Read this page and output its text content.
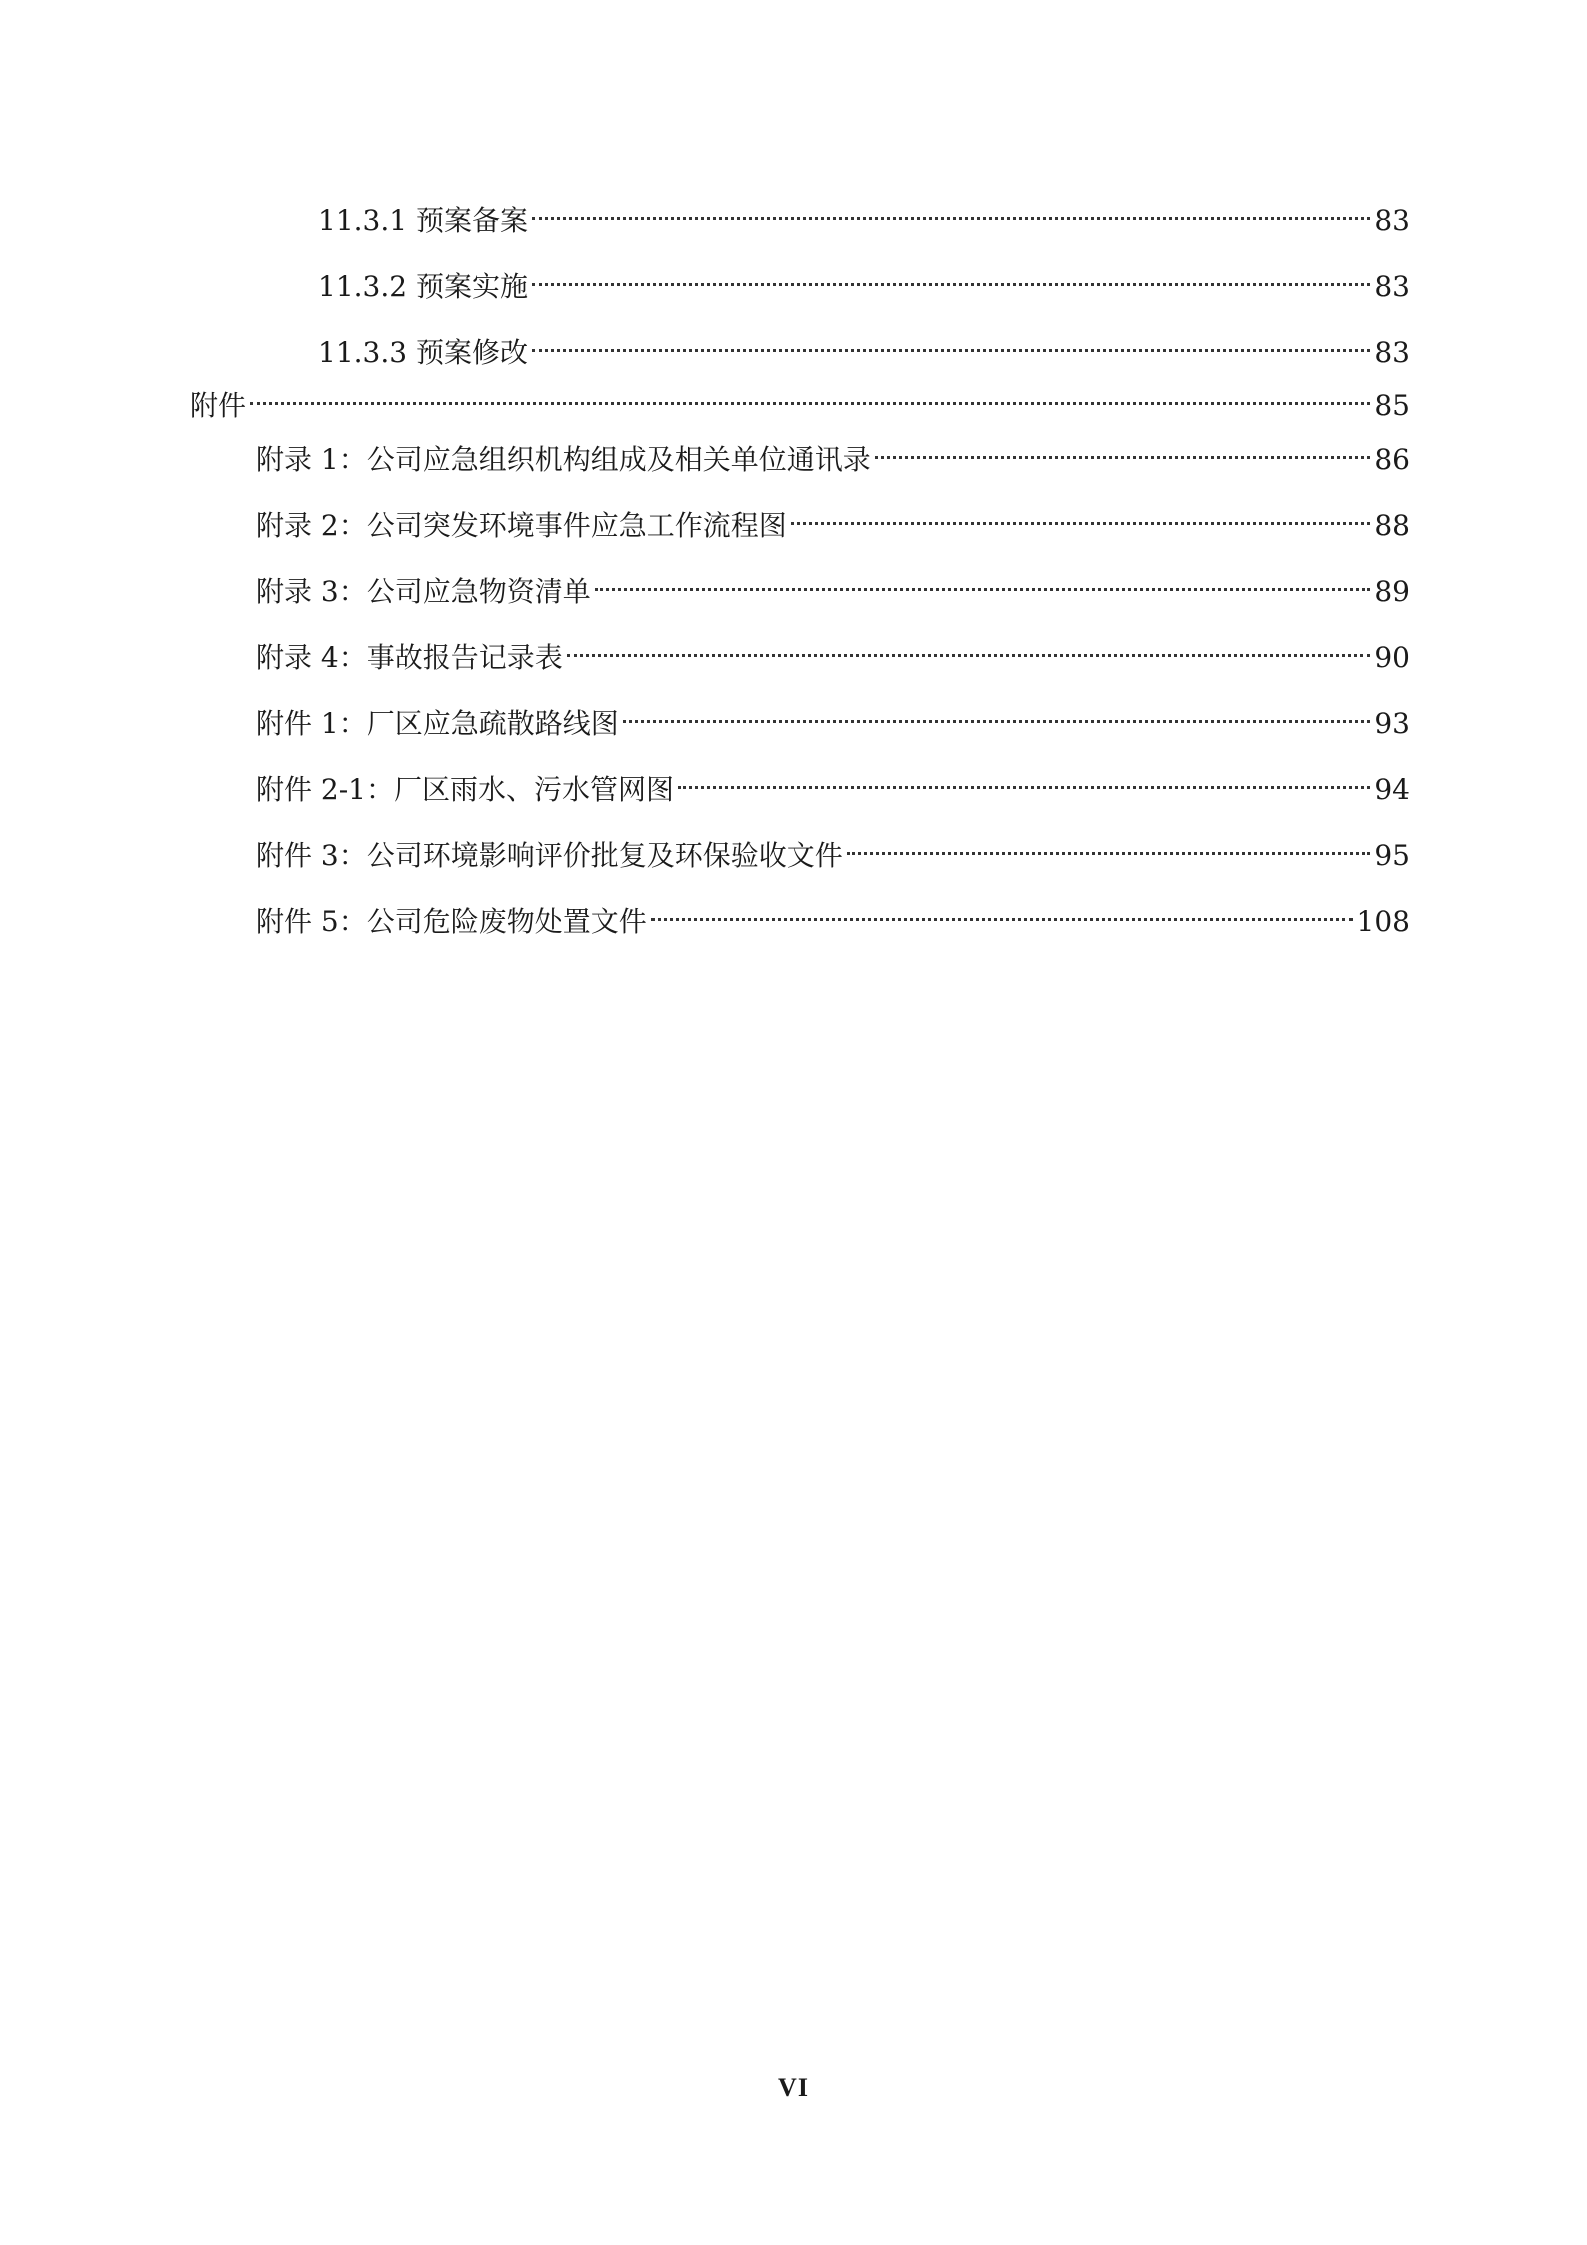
11.3.1 预案备案	83
11.3.2 预案实施	83
11.3.3 预案修改	83
附件	85
附录 1：公司应急组织机构组成及相关单位通讯录	86
附录 2：公司突发环境事件应急工作流程图	88
附录 3：公司应急物资清单	89
附录 4：事故报告记录表	90
附件 1：厂区应急疏散路线图	93
附件 2-1：厂区雨水、污水管网图	94
附件 3：公司环境影响评价批复及环保验收文件	95
附件 5：公司危险废物处置文件	108
VI
